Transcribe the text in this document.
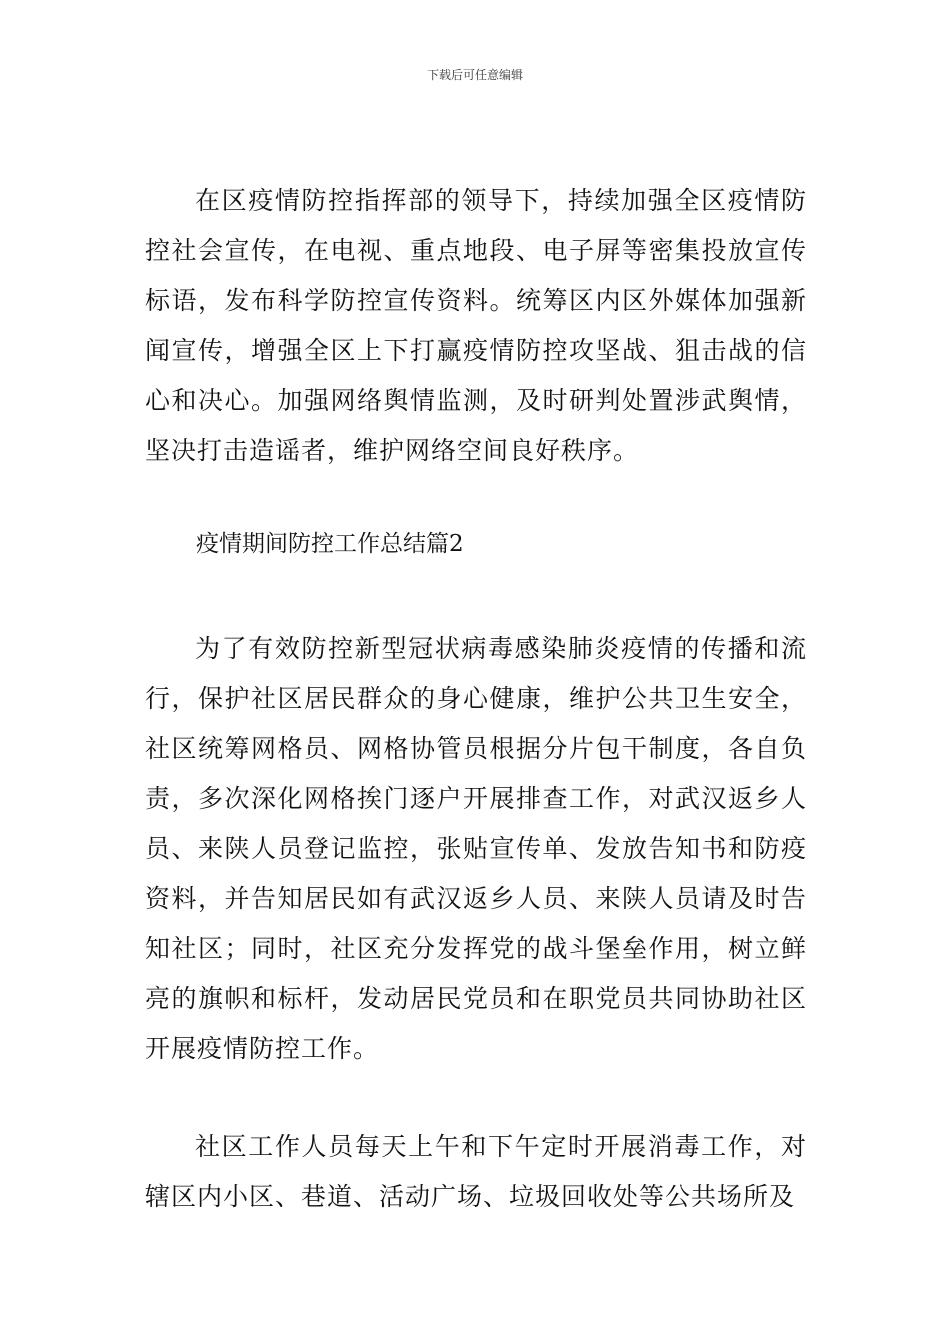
下载后可任意编辑

在区疫情防控指挥部的领导下，持续加强全区疫情防控社会宣传，在电视、重点地段、电子屏等密集投放宣传标语，发布科学防控宣传资料。统筹区内区外媒体加强新闻宣传，增强全区上下打赢疫情防控攻坚战、狙击战的信心和决心。加强网络舆情监测，及时研判处置涉武舆情，坚决打击造谣者，维护网络空间良好秩序。

疫情期间防控工作总结篇2

为了有效防控新型冠状病毒感染肺炎疫情的传播和流行，保护社区居民群众的身心健康，维护公共卫生安全，社区统筹网格员、网格协管员根据分片包干制度，各自负责，多次深化网格挨门逐户开展排查工作，对武汉返乡人员、来陕人员登记监控，张贴宣传单、发放告知书和防疫资料，并告知居民如有武汉返乡人员、来陕人员请及时告知社区；同时，社区充分发挥党的战斗堡垒作用，树立鲜亮的旗帜和标杆，发动居民党员和在职党员共同协助社区开展疫情防控工作。

社区工作人员每天上午和下午定时开展消毒工作，对辖区内小区、巷道、活动广场、垃圾回收处等公共场所及
